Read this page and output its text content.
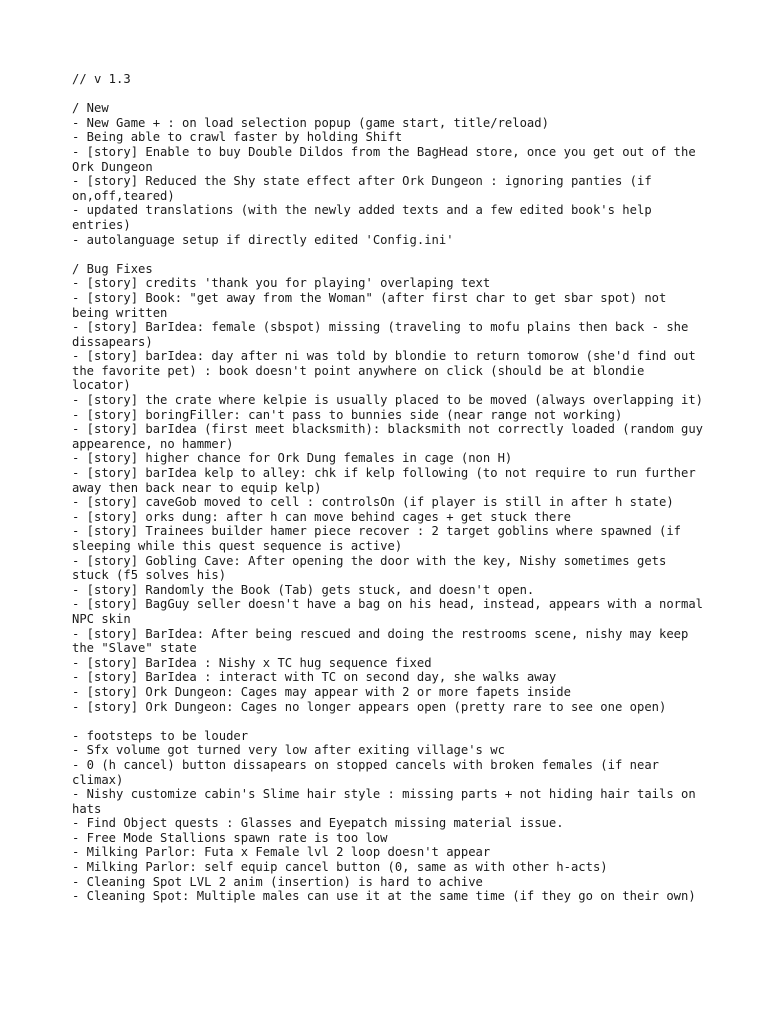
// v 1.3
/ New
- New Game + : on load selection popup (game start, title/reload)
- Being able to crawl faster by holding Shift
- [story] Enable to buy Double Dildos from the BagHead store, once you get out of the Ork Dungeon
- [story] Reduced the Shy state effect after Ork Dungeon : ignoring panties (if on,off,teared)
- updated translations (with the newly added texts and a few edited book's help entries)
- autolanguage setup if directly edited 'Config.ini'
/ Bug Fixes
- [story] credits 'thank you for playing' overlaping text
- [story] Book: "get away from the Woman" (after first char to get sbar spot) not being written
- [story] BarIdea: female (sbspot) missing (traveling to mofu plains then back - she dissapears)
- [story] barIdea: day after ni was told by blondie to return tomorow (she'd find out the favorite pet) : book doesn't point anywhere on click (should be at blondie locator)
- [story] the crate where kelpie is usually placed to be moved (always overlapping it)
- [story] boringFiller: can't pass to bunnies side (near range not working)
- [story] barIdea (first meet blacksmith): blacksmith not correctly loaded (random guy appearence, no hammer)
- [story] higher chance for Ork Dung females in cage (non H)
- [story] barIdea kelp to alley: chk if kelp following (to not require to run further away then back near to equip kelp)
- [story] caveGob moved to cell : controlsOn (if player is still in after h state)
- [story] orks dung: after h can move behind cages + get stuck there
- [story] Trainees builder hamer piece recover : 2 target goblins where spawned (if sleeping while this quest sequence is active)
- [story] Gobling Cave: After opening the door with the key, Nishy sometimes gets stuck (f5 solves his)
- [story] Randomly the Book (Tab) gets stuck, and doesn't open.
- [story] BagGuy seller doesn't have a bag on his head, instead, appears with a normal NPC skin
- [story] BarIdea: After being rescued and doing the restrooms scene, nishy may keep the "Slave" state
- [story] BarIdea : Nishy x TC hug sequence fixed
- [story] BarIdea : interact with TC on second day, she walks away
- [story] Ork Dungeon: Cages may appear with 2 or more fapets inside
- [story] Ork Dungeon: Cages no longer appears open (pretty rare to see one open)
- footsteps to be louder
- Sfx volume got turned very low after exiting village's wc
- 0 (h cancel) button dissapears on stopped cancels with broken females (if near climax)
- Nishy customize cabin's Slime hair style : missing parts + not hiding hair tails on hats
- Find Object quests : Glasses and Eyepatch missing material issue.
- Free Mode Stallions spawn rate is too low
- Milking Parlor: Futa x Female lvl 2 loop doesn't appear
- Milking Parlor: self equip cancel button (0, same as with other h-acts)
- Cleaning Spot LVL 2 anim (insertion) is hard to achive
- Cleaning Spot: Multiple males can use it at the same time (if they go on their own)
